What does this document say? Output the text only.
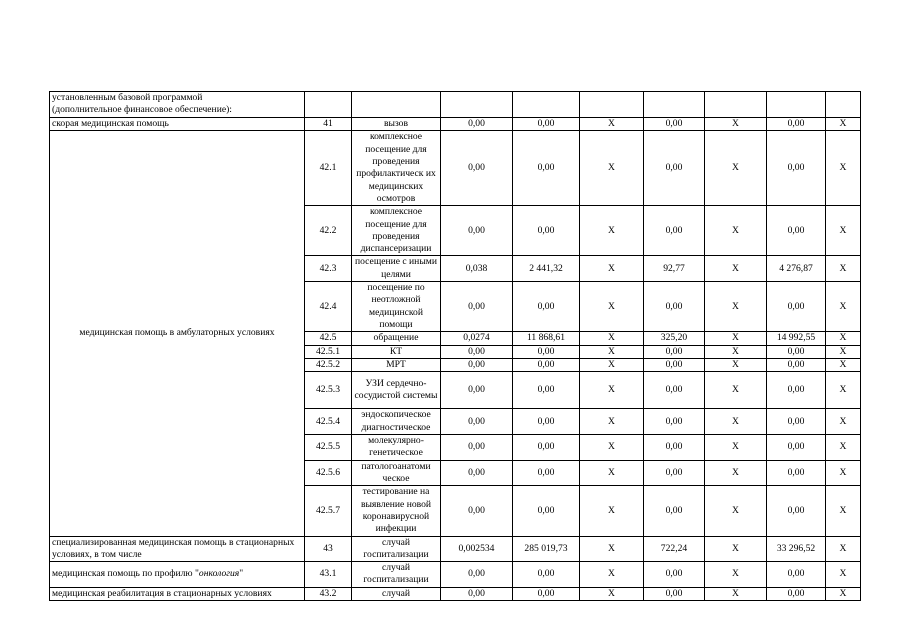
установленным базовой программой
(дополнительное финансовое обеспечение):									

скорая медицинская помощь	41	вызов	0,00	0,00	X	0,00	X	0,00	X
медицинская помощь в амбулаторных условиях	42.1	комплексное посещение для проведения профилактическ их медицинских осмотров	0,00	0,00	X	0,00	X	0,00	X
	42.2	комплексное посещение для проведения диспансеризации	0,00	0,00	X	0,00	X	0,00	X
	42.3	посещение с иными целями	0,038	2 441,32	X	92,77	X	4 276,87	X
	42.4	посещение по неотложной медицинской помощи	0,00	0,00	X	0,00	X	0,00	X
	42.5	обращение	0,0274	11 868,61	X	325,20	X	14 992,55	X
	42.5.1	КТ	0,00	0,00	X	0,00	X	0,00	X
	42.5.2	МРТ	0,00	0,00	X	0,00	X	0,00	X
	42.5.3	УЗИ сердечно-сосудистой системы	0,00	0,00	X	0,00	X	0,00	X
	42.5.4	эндоскопическое диагностическое	0,00	0,00	X	0,00	X	0,00	X
	42.5.5	молекулярно-генетическое	0,00	0,00	X	0,00	X	0,00	X
	42.5.6	патологоанатоми ческое	0,00	0,00	X	0,00	X	0,00	X
	42.5.7	тестирование на выявление новой коронавирусной инфекции	0,00	0,00	X	0,00	X	0,00	X
специализированная медицинская помощь в стационарных условиях, в том числе	43	случай госпитализации	0,002534	285 019,73	X	722,24	X	33 296,52	X
медицинская помощь по профилю "онкология"	43.1	случай госпитализации	0,00	0,00	X	0,00	X	0,00	X
медицинская реабилитация в стационарных условиях	43.2	случай	0,00	0,00	X	0,00	X	0,00	X
